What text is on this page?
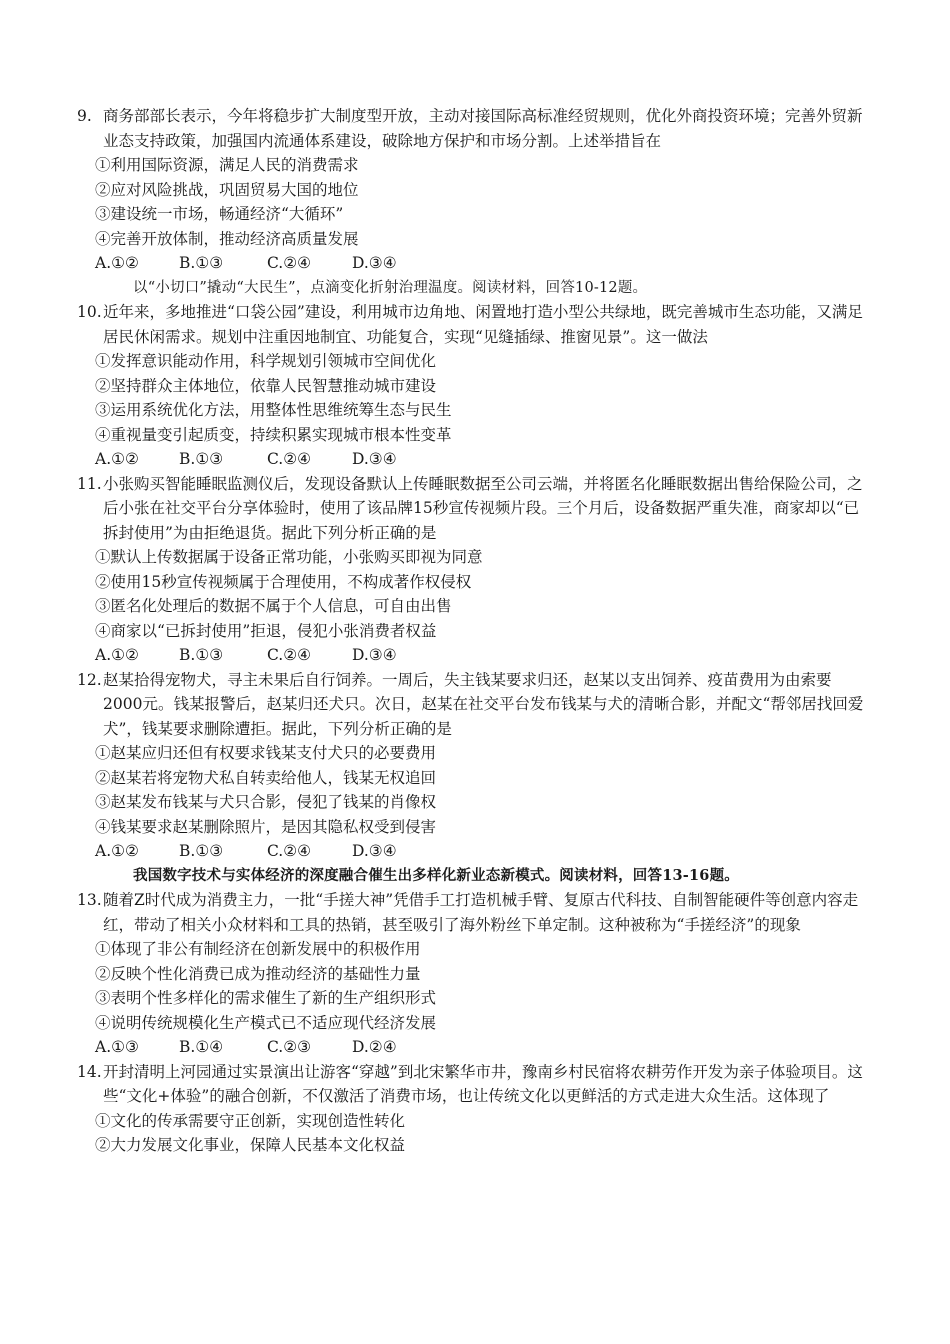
9. 商务部部长表示，今年将稳步扩大制度型开放，主动对接国际高标准经贸规则，优化外商投资环境；完善外贸新业态支持政策，加强国内流通体系建设，破除地方保护和市场分割。上述举措旨在
①利用国际资源，满足人民的消费需求
②应对风险挑战，巩固贸易大国的地位
③建设统一市场，畅通经济“大循环”
④完善开放体制，推动经济高质量发展
A.①②	B.①③	C.②④	D.③④
以“小切口”撬动“大民生”，点滴变化折射治理温度。阅读材料，回答10-12题。
10. 近年来，多地推进“口袋公园”建设，利用城市边角地、闲置地打造小型公共绿地，既完善城市生态功能，又满足居民休闲需求。规划中注重因地制宜、功能复合，实现“见缝插绿、推窗见景”。这一做法
①发挥意识能动作用，科学规划引领城市空间优化
②坚持群众主体地位，依靠人民智慧推动城市建设
③运用系统优化方法，用整体性思维统筹生态与民生
④重视量变引起质变，持续积累实现城市根本性变革
A.①②	B.①③	C.②④	D.③④
11. 小张购买智能睡眠监测仪后，发现设备默认上传睡眠数据至公司云端，并将匿名化睡眠数据出售给保险公司，之后小张在社交平台分享体验时，使用了该品牌15秒宣传视频片段。三个月后，设备数据严重失准，商家却以“已拆封使用”为由拒绝退货。据此下列分析正确的是
①默认上传数据属于设备正常功能，小张购买即视为同意
②使用15秒宣传视频属于合理使用，不构成著作权侵权
③匿名化处理后的数据不属于个人信息，可自由出售
④商家以“已拆封使用”拒退，侵犯小张消费者权益
A.①②	B.①③	C.②④	D.③④
12. 赵某拾得宠物犬，寻主未果后自行饲养。一周后，失主钱某要求归还，赵某以支出饲养、疫苗费用为由索要2000元。钱某报警后，赵某归还犬只。次日，赵某在社交平台发布钱某与犬的清晰合影，并配文“帮邻居找回爱犬”，钱某要求删除遭拒。据此，下列分析正确的是
①赵某应归还但有权要求钱某支付犬只的必要费用
②赵某若将宠物犬私自转卖给他人，钱某无权追回
③赵某发布钱某与犬只合影，侵犯了钱某的肖像权
④钱某要求赵某删除照片，是因其隐私权受到侵害
A.①②	B.①③	C.②④	D.③④
我国数字技术与实体经济的深度融合催生出多样化新业态新模式。阅读材料，回答13-16题。
13. 随着Z时代成为消费主力，一批“手搓大神”凭借手工打造机械手臂、复原古代科技、自制智能硬件等创意内容走红，带动了相关小众材料和工具的热销，甚至吸引了海外粉丝下单定制。这种被称为“手搓经济”的现象
①体现了非公有制经济在创新发展中的积极作用
②反映个性化消费已成为推动经济的基础性力量
③表明个性多样化的需求催生了新的生产组织形式
④说明传统规模化生产模式已不适应现代经济发展
A.①③	B.①④	C.②③	D.②④
14. 开封清明上河园通过实景演出让游客“穿越”到北宋繁华市井，豫南乡村民宿将农耕劳作开发为亲子体验项目。这些“文化+体验”的融合创新，不仅激活了消费市场，也让传统文化以更鲜活的方式走进大众生活。这体现了
①文化的传承需要守正创新，实现创造性转化
②大力发展文化事业，保障人民基本文化权益
